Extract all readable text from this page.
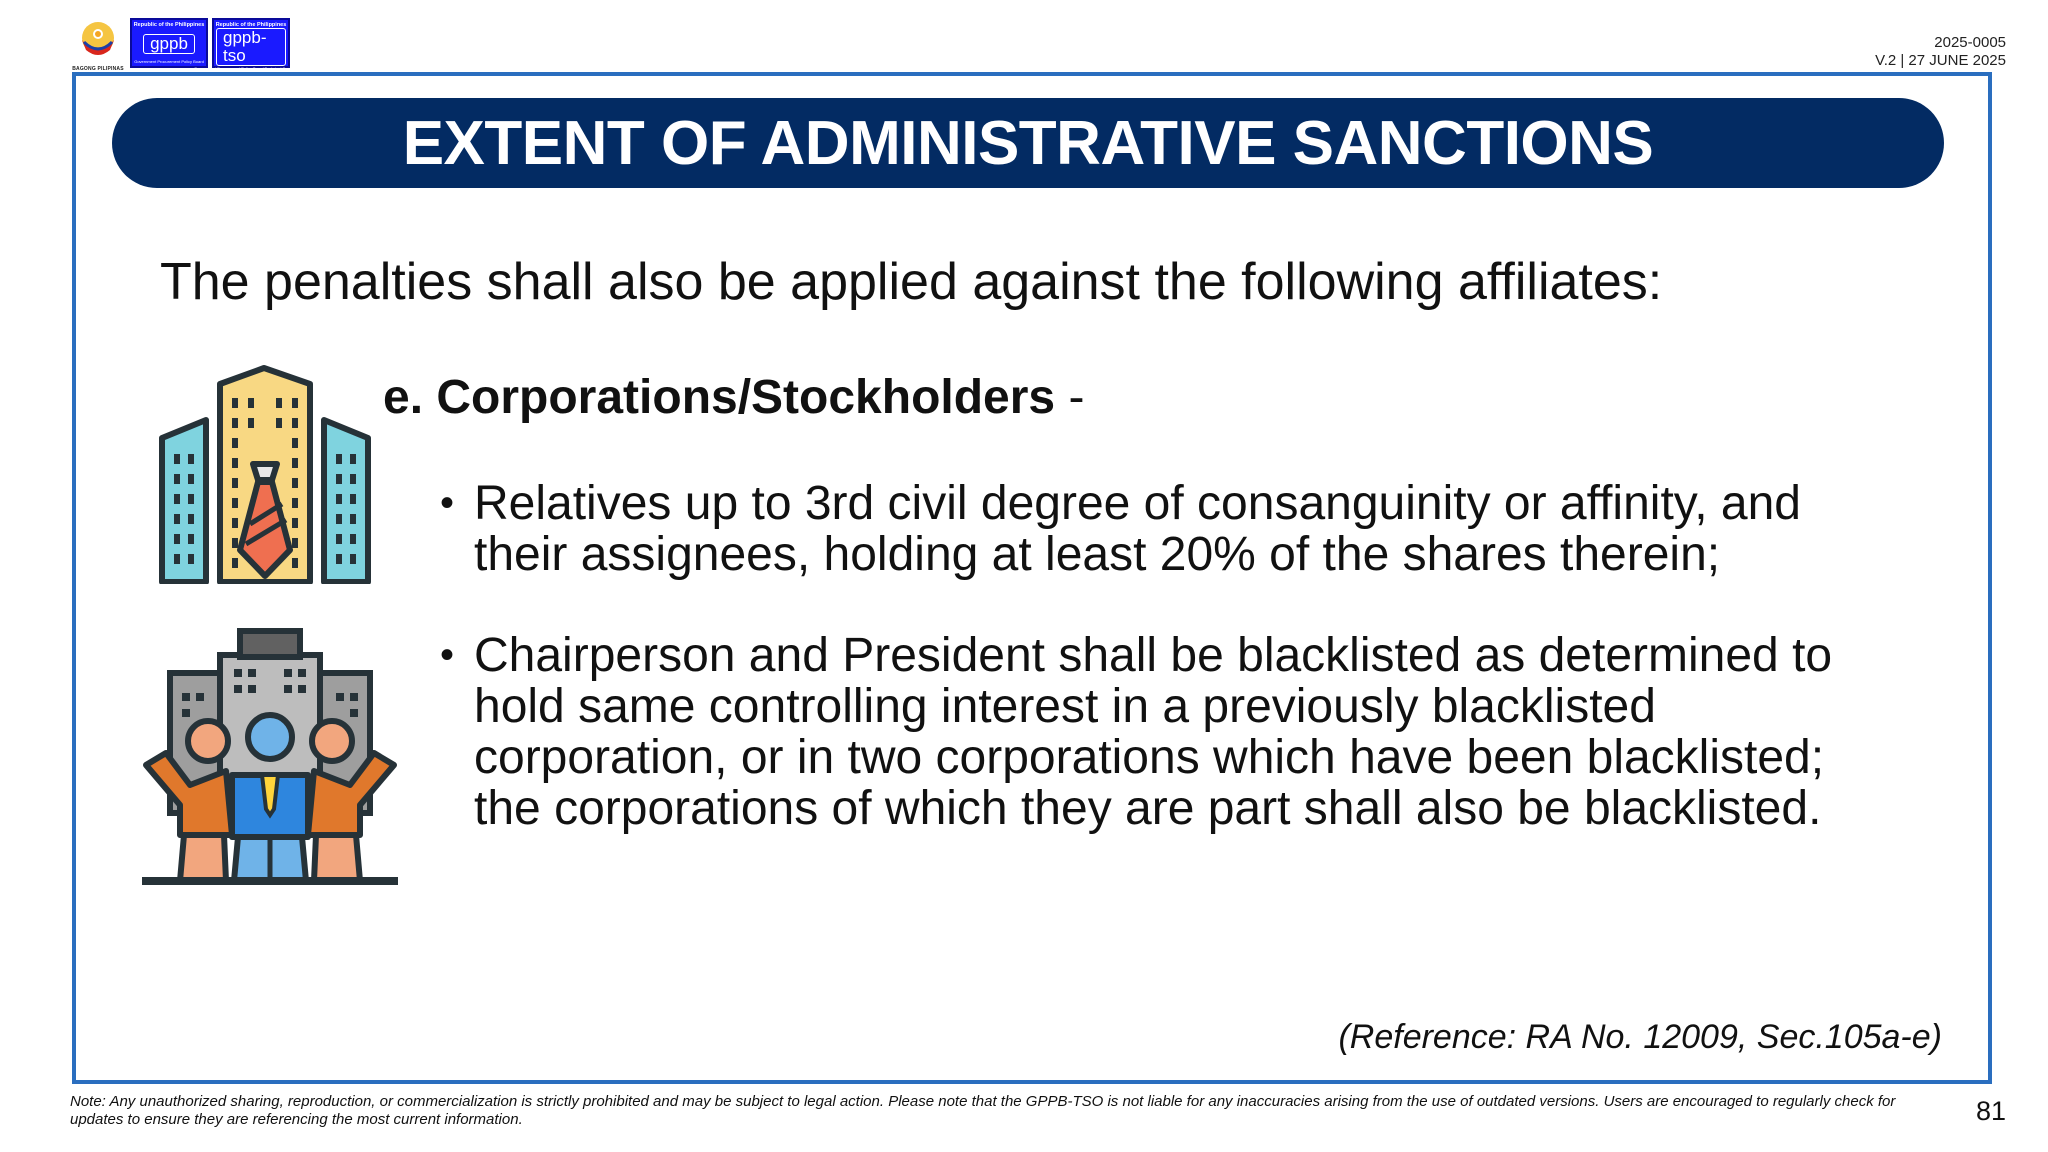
BAGONG PILIPINAS
Republic of the Philippines
gppb
Government Procurement Policy Board
Republic of the Philippines
gppb-tso
Government Procurement Policy Board Technical Support Office
2025-0005
V.2 | 27 JUNE 2025
EXTENT OF ADMINISTRATIVE SANCTIONS
The penalties shall also be applied against the following affiliates:
e. Corporations/Stockholders -
• Relatives up to 3rd civil degree of consanguinity or affinity, and their assignees, holding at least 20% of the shares therein;
• Chairperson and President shall be blacklisted as determined to hold same controlling interest in a previously blacklisted corporation, or in two corporations which have been blacklisted; the corporations of which they are part shall also be blacklisted.
(Reference: RA No. 12009, Sec.105a-e)
Note: Any unauthorized sharing, reproduction, or commercialization is strictly prohibited and may be subject to legal action. Please note that the GPPB-TSO is not liable for any inaccuracies arising from the use of outdated versions. Users are encouraged to regularly check for updates to ensure they are referencing the most current information.	81
